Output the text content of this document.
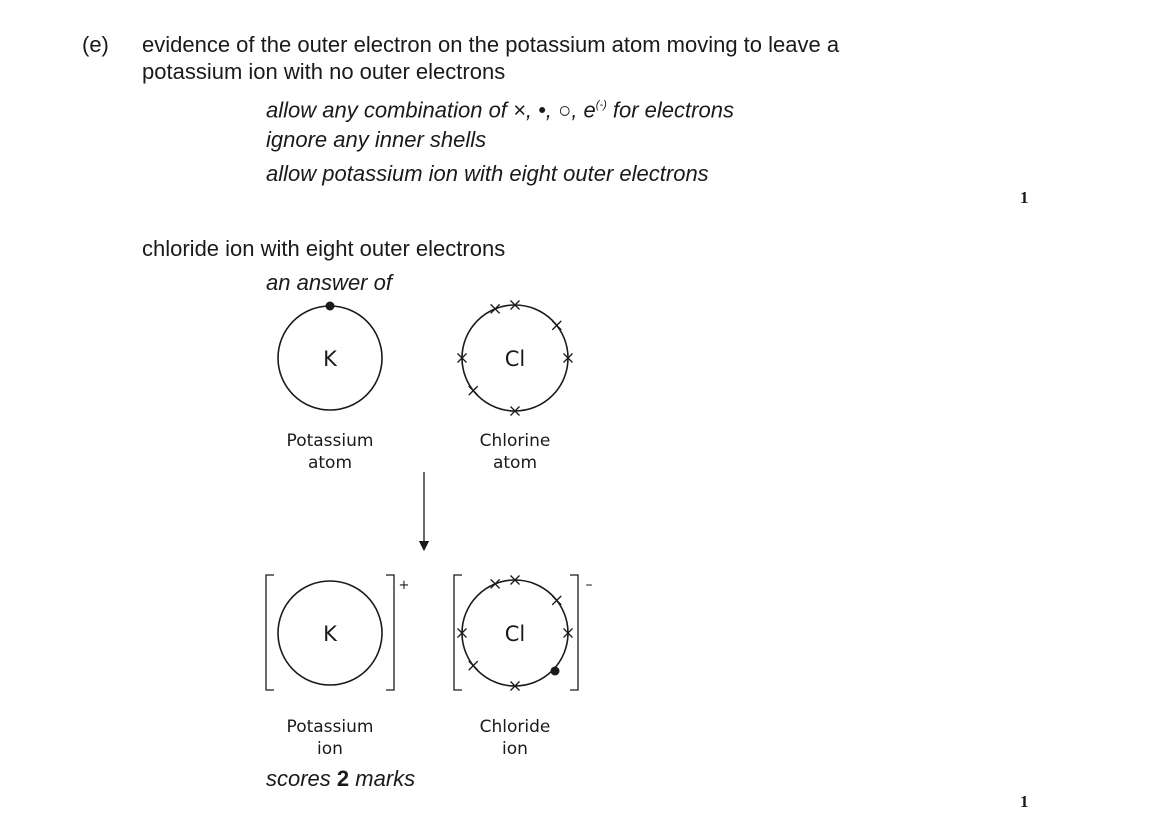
(e) evidence of the outer electron on the potassium atom moving to leave a
potassium ion with no outer electrons
allow any combination of ×, •, ○, e(-) for electrons
ignore any inner shells
allow potassium ion with eight outer electrons
1
chloride ion with eight outer electrons
an answer of
K	Cl
Potassium
atom
Chlorine
atom
K
+
Cl
–
Potassium
ion
Chloride
ion
scores 2 marks
1
